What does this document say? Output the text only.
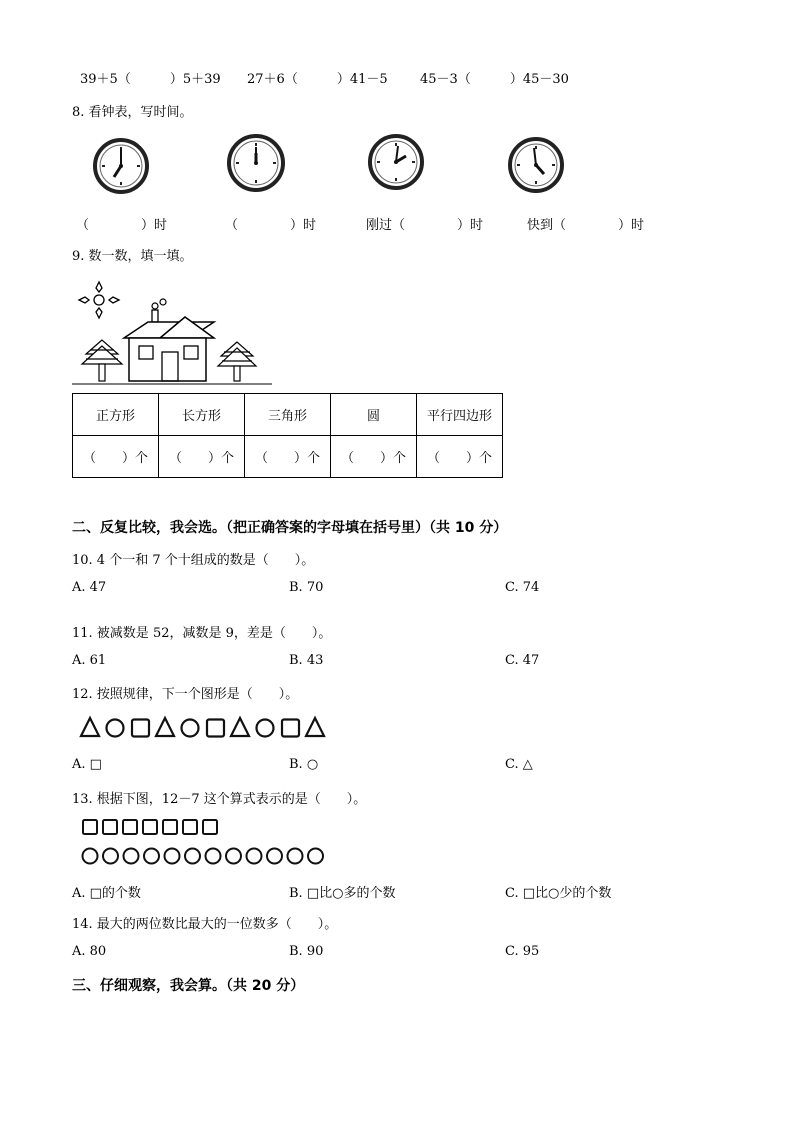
39＋5（　　　）5＋39 27＋6（　　　）41－5 45－3（　　　）45－30
8. 看钟表，写时间。
（　　　　）时	（　　　　）时	刚过（　　　　）时	快到（　　　　）时
9. 数一数，填一填。
正方形	长方形	三角形	圆	平行四边形
（　　）个	（　　）个	（　　）个	（　　）个	（　　）个
二、反复比较，我会选。（把正确答案的字母填在括号里）（共 10 分）
10. 4 个一和 7 个十组成的数是（　　）。
A. 47	B. 70	C. 74
11. 被减数是 52，减数是 9，差是（　　）。
A. 61	B. 43	C. 47
12. 按照规律，下一个图形是（　　）。
A. □	B. ○	C. △
13. 根据下图，12－7 这个算式表示的是（　　）。
A. □的个数	B. □比○多的个数	C. □比○少的个数
14. 最大的两位数比最大的一位数多（　　）。
A. 80	B. 90	C. 95
三、仔细观察，我会算。（共 20 分）
